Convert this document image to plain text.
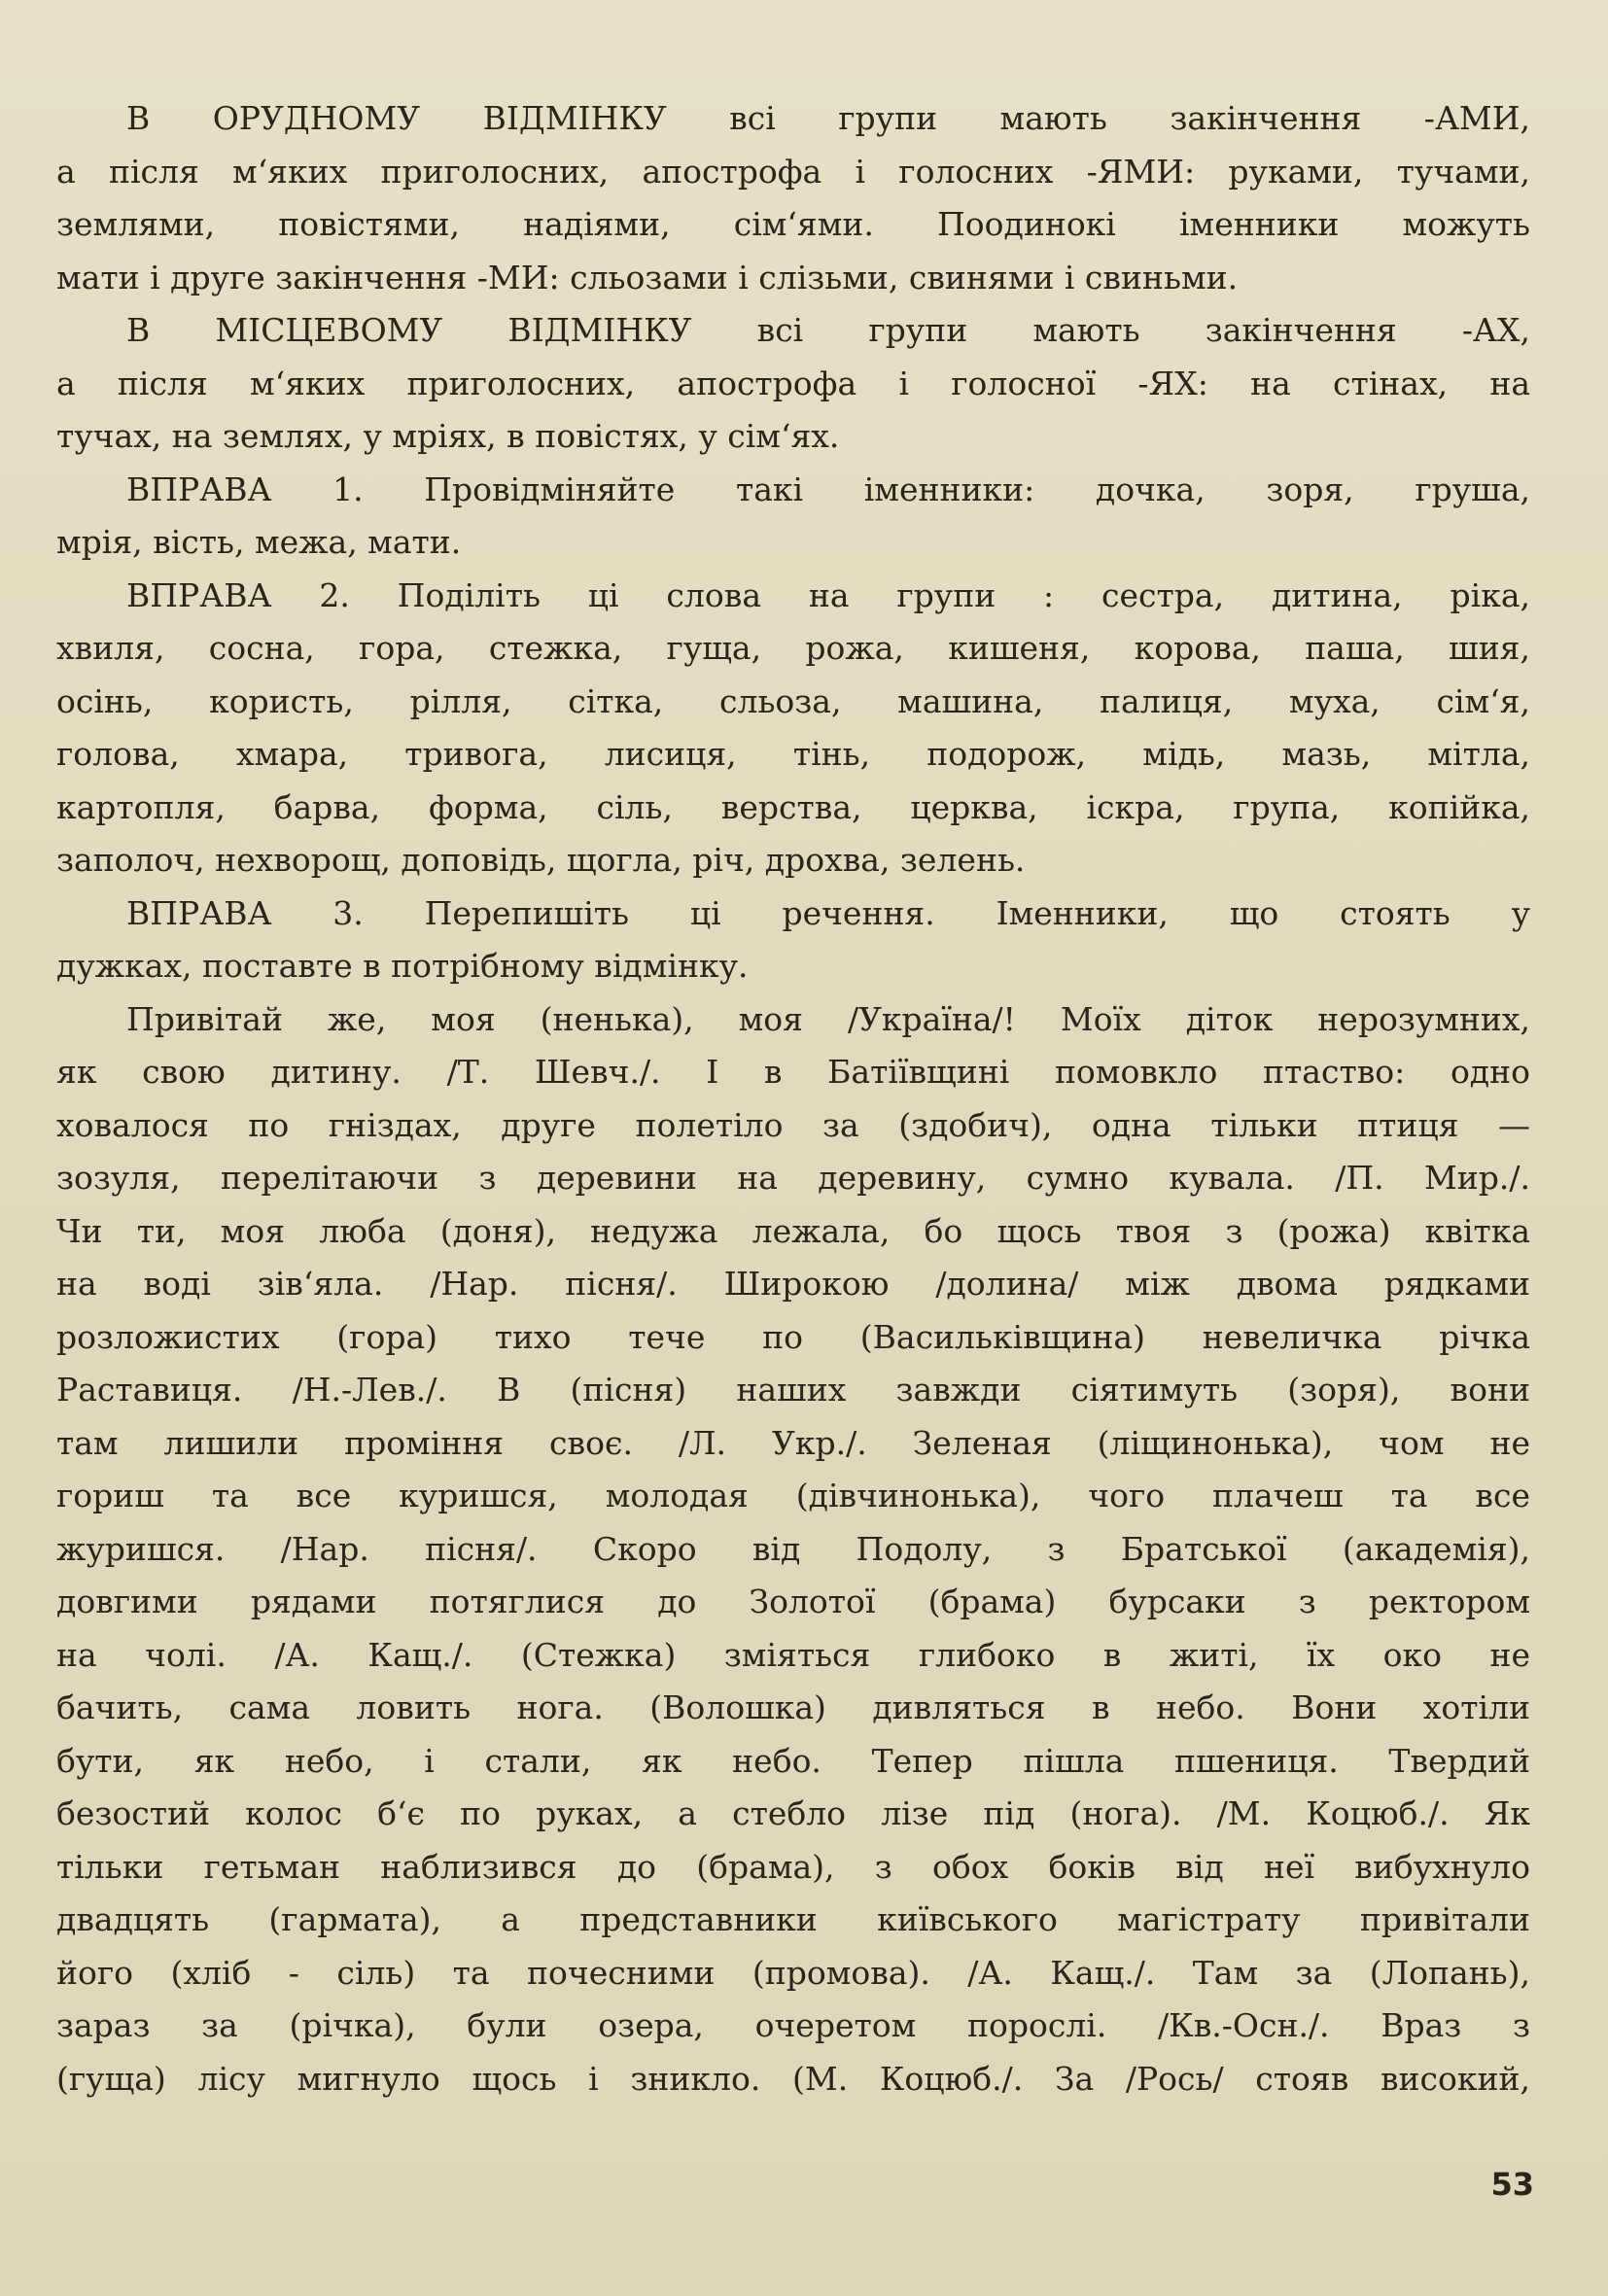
В ОРУДНОМУ ВІДМІНКУ всі групи мають закінчення -АМИ,
а після м‘яких приголосних, апострофа і голосних -ЯМИ: руками, тучами,
землями, повістями, надіями, сім‘ями. Поодинокі іменники можуть
мати і друге закінчення -МИ: сльозами і слізьми, свинями і свиньми.
В МІСЦЕВОМУ ВІДМІНКУ всі групи мають закінчення -АХ,
а після м‘яких приголосних, апострофа і голосної -ЯХ: на стінах, на
тучах, на землях, у мріях, в повістях, у сім‘ях.
ВПРАВА 1. Провідміняйте такі іменники: дочка, зоря, груша,
мрія, вість, межа, мати.
ВПРАВА 2. Поділіть ці слова на групи : сестра, дитина, ріка,
хвиля, сосна, гора, стежка, гуща, рожа, кишеня, корова, паша, шия,
осінь, користь, рілля, сітка, сльоза, машина, палиця, муха, сім‘я,
голова, хмара, тривога, лисиця, тінь, подорож, мідь, мазь, мітла,
картопля, барва, форма, сіль, верства, церква, іскра, група, копійка,
заполоч, нехворощ, доповідь, щогла, річ, дрохва, зелень.
ВПРАВА 3. Перепишіть ці речення. Іменники, що стоять у
дужках, поставте в потрібному відмінку.
Привітай же, моя (ненька), моя /Україна/! Моїх діток нерозумних,
як свою дитину. /Т. Шевч./. І в Батіївщині помовкло птаство: одно
ховалося по гніздах, друге полетіло за (здобич), одна тільки птиця —
зозуля, перелітаючи з деревини на деревину, сумно кувала. /П. Мир./.
Чи ти, моя люба (доня), недужа лежала, бо щось твоя з (рожа) квітка
на воді зів‘яла. /Нар. пісня/. Широкою /долина/ між двома рядками
розложистих (гора) тихо тече по (Васильківщина) невеличка річка
Раставиця. /Н.-Лев./. В (пісня) наших завжди сіятимуть (зоря), вони
там лишили проміння своє. /Л. Укр./. Зеленая (ліщинонька), чом не
гориш та все куришся, молодая (дівчинонька), чого плачеш та все
журишся. /Нар. пісня/. Скоро від Подолу, з Братської (академія),
довгими рядами потяглися до Золотої (брама) бурсаки з ректором
на чолі. /А. Кащ./. (Стежка) зміяться глибоко в житі, їх око не
бачить, сама ловить нога. (Волошка) дивляться в небо. Вони хотіли
бути, як небо, і стали, як небо. Тепер пішла пшениця. Твердий
безостий колос б‘є по руках, а стебло лізе під (нога). /М. Коцюб./. Як
тільки гетьман наблизився до (брама), з обох боків від неї вибухнуло
двадцять (гармата), а представники київського магістрату привітали
його (хліб - сіль) та почесними (промова). /А. Кащ./. Там за (Лопань),
зараз за (річка), були озера, очеретом порослі. /Кв.-Осн./. Враз з
(гуща) лісу мигнуло щось і зникло. (М. Коцюб./. За /Рось/ стояв високий,
53
